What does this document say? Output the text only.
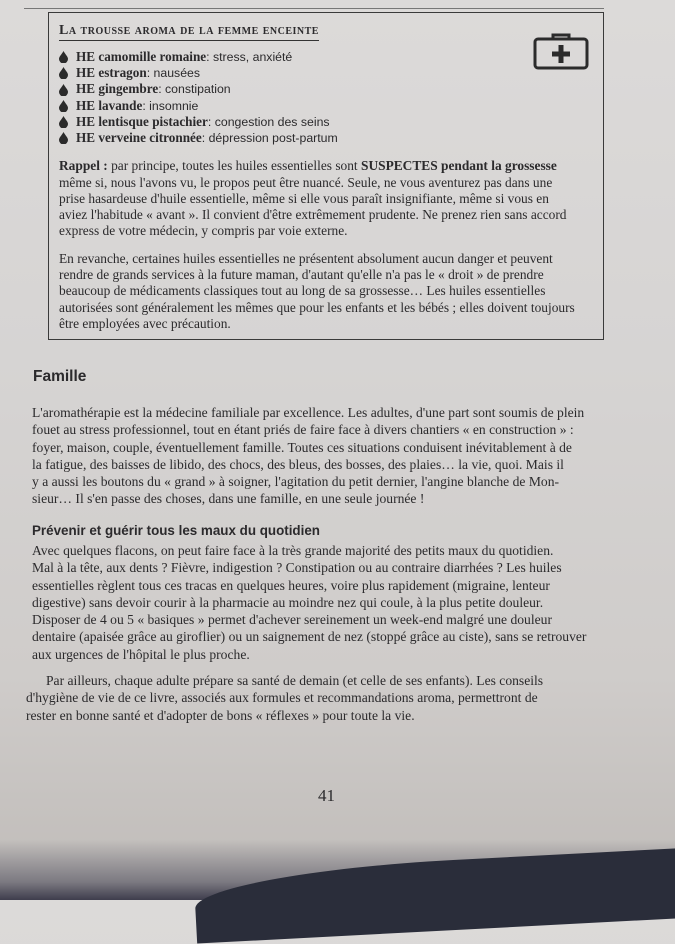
La trousse aroma de la femme enceinte
HE camomille romaine : stress, anxiété
HE estragon : nausées
HE gingembre : constipation
HE lavande : insomnie
HE lentisque pistachier : congestion des seins
HE verveine citronnée : dépression post-partum

Rappel : par principe, toutes les huiles essentielles sont SUSPECTES pendant la grossesse
même si, nous l'avons vu, le propos peut être nuancé. Seule, ne vous aventurez pas dans une
prise hasardeuse d'huile essentielle, même si elle vous paraît insignifiante, même si vous en
aviez l'habitude « avant ». Il convient d'être extrêmement prudente. Ne prenez rien sans accord
express de votre médecin, y compris par voie externe.

En revanche, certaines huiles essentielles ne présentent absolument aucun danger et peuvent
rendre de grands services à la future maman, d'autant qu'elle n'a pas le « droit » de prendre
beaucoup de médicaments classiques tout au long de sa grossesse… Les huiles essentielles
autorisées sont généralement les mêmes que pour les enfants et les bébés ; elles doivent toujours
être employées avec précaution.

Famille
L'aromathérapie est la médecine familiale par excellence. Les adultes, d'une part sont soumis de plein
fouet au stress professionnel, tout en étant priés de faire face à divers chantiers « en construction » :
foyer, maison, couple, éventuellement famille. Toutes ces situations conduisent inévitablement à de
la fatigue, des baisses de libido, des chocs, des bleus, des bosses, des plaies… la vie, quoi. Mais il
y a aussi les boutons du « grand » à soigner, l'agitation du petit dernier, l'angine blanche de Mon-
sieur… Il s'en passe des choses, dans une famille, en une seule journée !
Prévenir et guérir tous les maux du quotidien
Avec quelques flacons, on peut faire face à la très grande majorité des petits maux du quotidien.
Mal à la tête, aux dents ? Fièvre, indigestion ? Constipation ou au contraire diarrhées ? Les huiles
essentielles règlent tous ces tracas en quelques heures, voire plus rapidement (migraine, lenteur
digestive) sans devoir courir à la pharmacie au moindre nez qui coule, à la plus petite douleur.
Disposer de 4 ou 5 « basiques » permet d'achever sereinement un week-end malgré une douleur
dentaire (apaisée grâce au giroflier) ou un saignement de nez (stoppé grâce au ciste), sans se retrouver
aux urgences de l'hôpital le plus proche.
Par ailleurs, chaque adulte prépare sa santé de demain (et celle de ses enfants). Les conseils
d'hygiène de vie de ce livre, associés aux formules et recommandations aroma, permettront de
rester en bonne santé et d'adopter de bons « réflexes » pour toute la vie.
41
